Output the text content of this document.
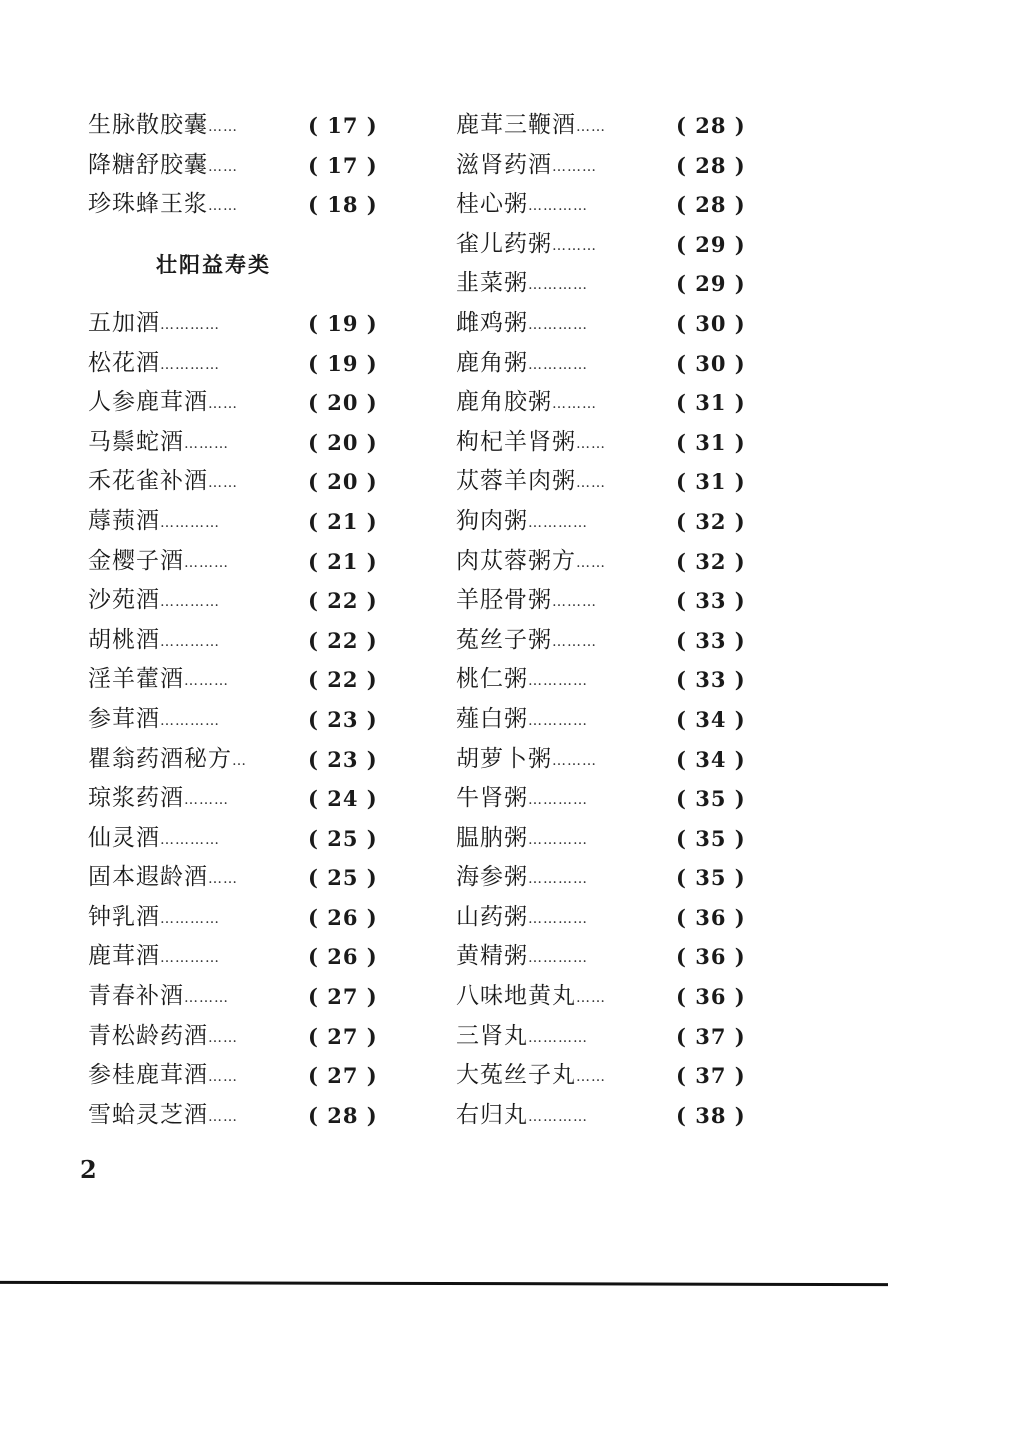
生脉散胶囊 ……	( 17 )
降糖舒胶囊 ……	( 17 )
珍珠蜂王浆 ……	( 18 )
壮阳益寿类
五加酒 …………	( 19 )
松花酒 …………	( 19 )
人参鹿茸酒 ……	( 20 )
马鬃蛇酒 ………	( 20 )
禾花雀补酒 ……	( 20 )
蓐蓣酒 …………	( 21 )
金樱子酒 ………	( 21 )
沙苑酒 …………	( 22 )
胡桃酒 …………	( 22 )
淫羊藿酒 ………	( 22 )
参茸酒 …………	( 23 )
瞿翁药酒秘方 …	( 23 )
琼浆药酒 ………	( 24 )
仙灵酒 …………	( 25 )
固本遐龄酒 ……	( 25 )
钟乳酒 …………	( 26 )
鹿茸酒 …………	( 26 )
青春补酒 ………	( 27 )
青松龄药酒 ……	( 27 )
参桂鹿茸酒 ……	( 27 )
雪蛤灵芝酒 ……	( 28 )
鹿茸三鞭酒 ……	( 28 )
滋肾药酒 ………	( 28 )
桂心粥 …………	( 28 )
雀儿药粥 ………	( 29 )
韭菜粥 …………	( 29 )
雌鸡粥 …………	( 30 )
鹿角粥 …………	( 30 )
鹿角胶粥 ………	( 31 )
枸杞羊肾粥 ……	( 31 )
苁蓉羊肉粥 ……	( 31 )
狗肉粥 …………	( 32 )
肉苁蓉粥方 ……	( 32 )
羊胫骨粥 ………	( 33 )
菟丝子粥 ………	( 33 )
桃仁粥 …………	( 33 )
薤白粥 …………	( 34 )
胡萝卜粥 ………	( 34 )
牛肾粥 …………	( 35 )
腽肭粥 …………	( 35 )
海参粥 …………	( 35 )
山药粥 …………	( 36 )
黄精粥 …………	( 36 )
八味地黄丸 ……	( 36 )
三肾丸 …………	( 37 )
大菟丝子丸 ……	( 37 )
右归丸 …………	( 38 )
2
